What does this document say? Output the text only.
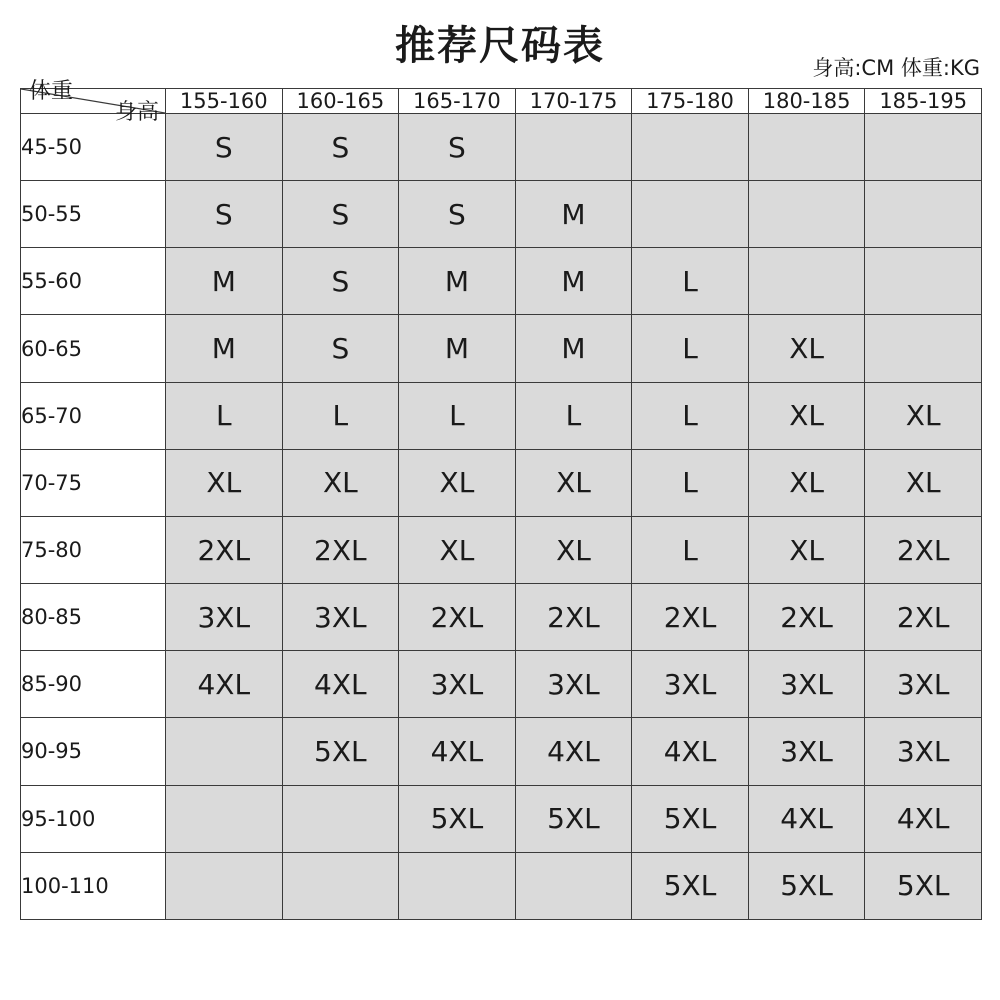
推荐尺码表	身高:CM 体重:KG
身高
体重	155-160	160-165	165-170	170-175	175-180	180-185	185-195
45-50	S	S	S				
50-55	S	S	S	M			
55-60	M	S	M	M	L		
60-65	M	S	M	M	L	XL	
65-70	L	L	L	L	L	XL	XL
70-75	XL	XL	XL	XL	L	XL	XL
75-80	2XL	2XL	XL	XL	L	XL	2XL
80-85	3XL	3XL	2XL	2XL	2XL	2XL	2XL
85-90	4XL	4XL	3XL	3XL	3XL	3XL	3XL
90-95		5XL	4XL	4XL	4XL	3XL	3XL
95-100			5XL	5XL	5XL	4XL	4XL
100-110					5XL	5XL	5XL
